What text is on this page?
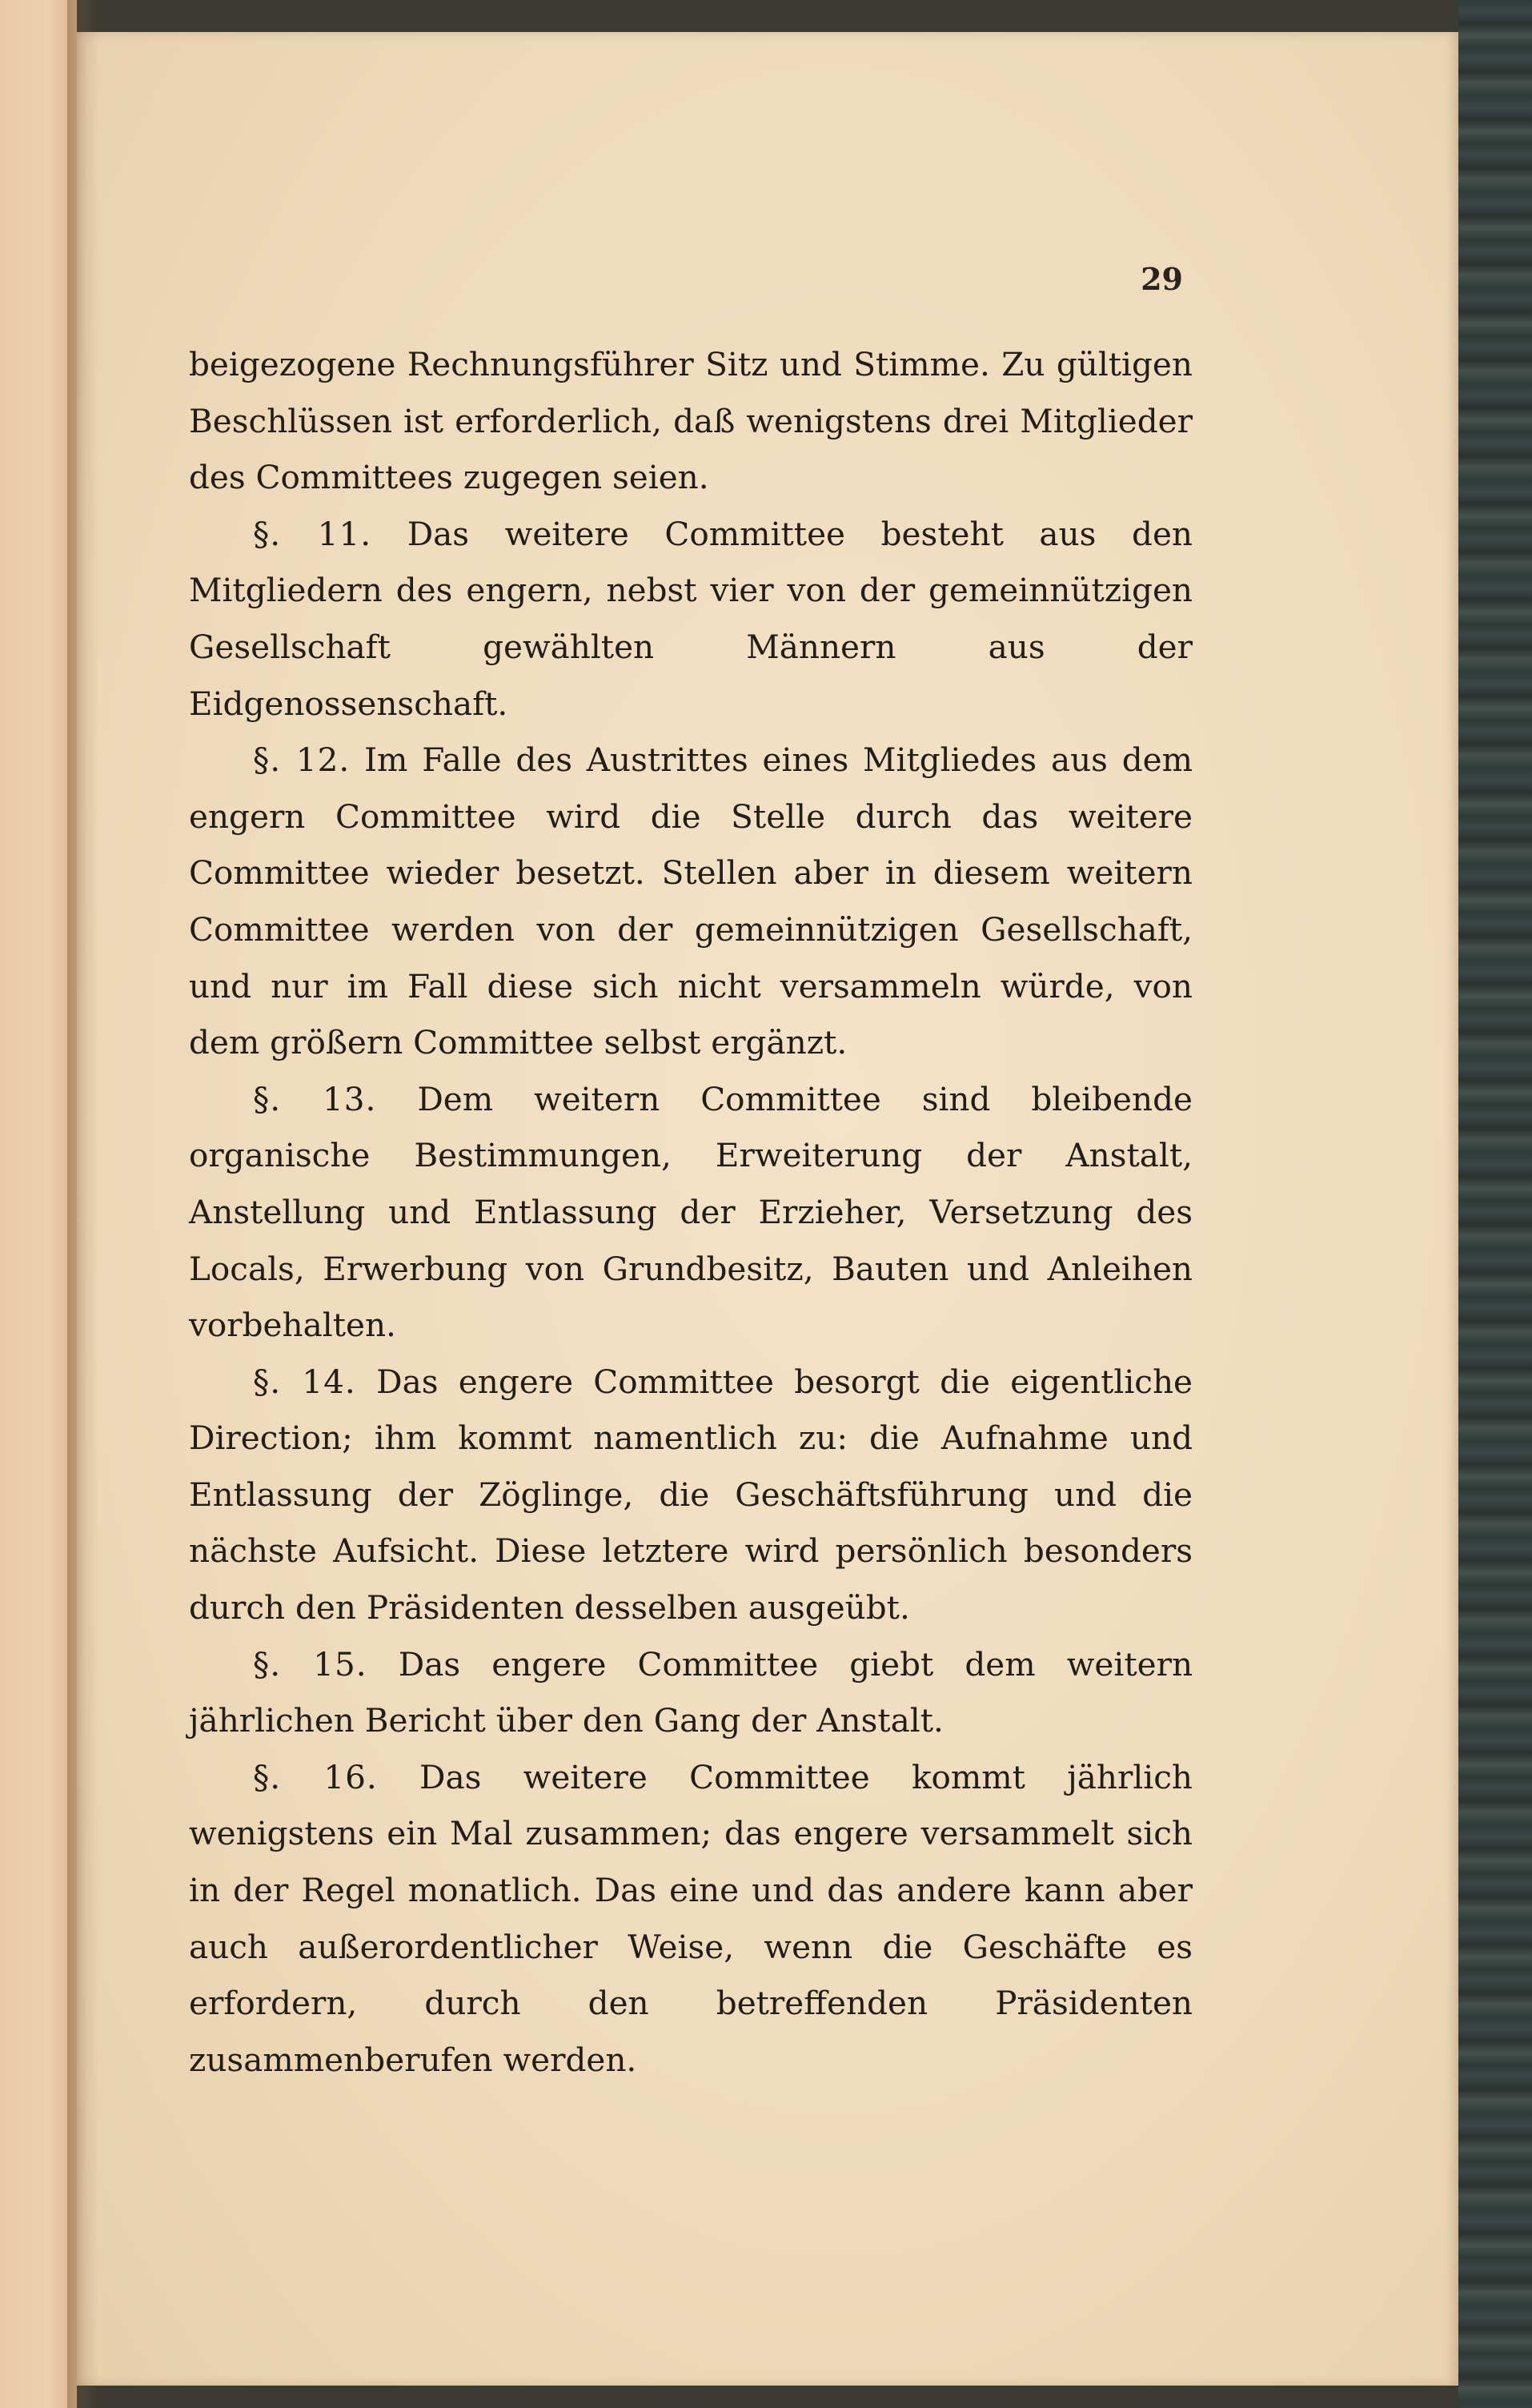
29

beigezogene Rechnungsführer Sitz und Stimme. Zu gültigen Beschlüssen ist erforderlich, daß wenigstens drei Mitglieder des Committees zugegen seien.

§. 11. Das weitere Committee besteht aus den Mitgliedern des engern, nebst vier von der gemeinnützigen Gesellschaft gewählten Männern aus der Eidgenossenschaft.

§. 12. Im Falle des Austrittes eines Mitgliedes aus dem engern Committee wird die Stelle durch das weitere Committee wieder besetzt. Stellen aber in diesem weitern Committee werden von der gemeinnützigen Gesellschaft, und nur im Fall diese sich nicht versammeln würde, von dem größern Committee selbst ergänzt.

§. 13. Dem weitern Committee sind bleibende organische Bestimmungen, Erweiterung der Anstalt, Anstellung und Entlassung der Erzieher, Versetzung des Locals, Erwerbung von Grundbesitz, Bauten und Anleihen vorbehalten.

§. 14. Das engere Committee besorgt die eigentliche Direction; ihm kommt namentlich zu: die Aufnahme und Entlassung der Zöglinge, die Geschäftsführung und die nächste Aufsicht. Diese letztere wird persönlich besonders durch den Präsidenten desselben ausgeübt.

§. 15. Das engere Committee giebt dem weitern jährlichen Bericht über den Gang der Anstalt.

§. 16. Das weitere Committee kommt jährlich wenigstens ein Mal zusammen; das engere versammelt sich in der Regel monatlich. Das eine und das andere kann aber auch außerordentlicher Weise, wenn die Geschäfte es erfordern, durch den betreffenden Präsidenten zusammenberufen werden.
